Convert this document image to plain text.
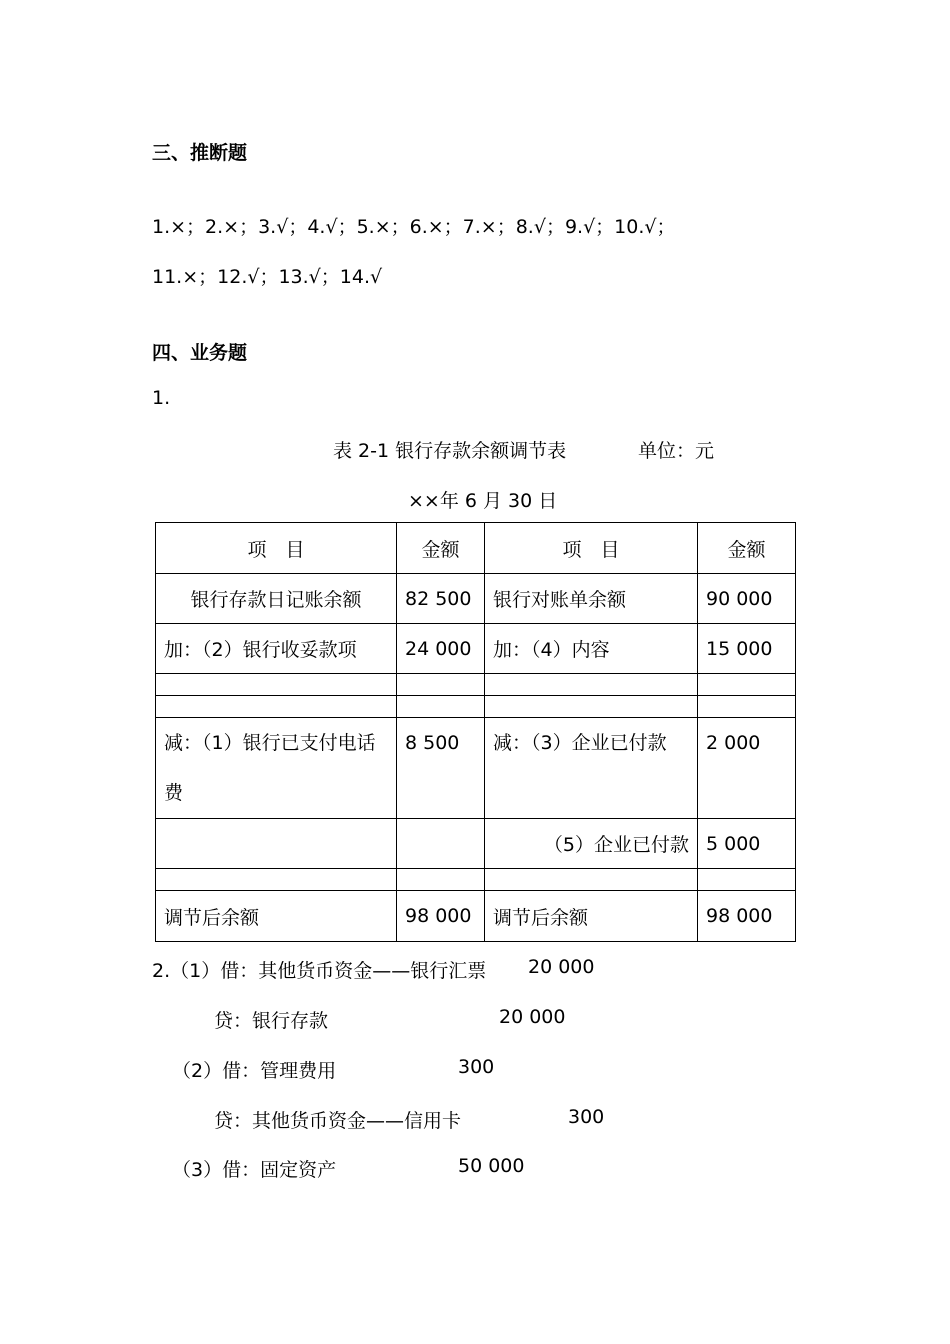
三、推断题
1.×；2.×；3.√；4.√；5.×；6.×；7.×；8.√；9.√；10.√；
11.×；12.√；13.√；14.√
四、业务题
1.
表 2-1 银行存款余额调节表	单位：元
××年 6 月 30 日
项　目	金额	项　目	金额
银行存款日记账余额	82 500	银行对账单余额	90 000
加：（2）银行收妥款项	24 000	加：（4）内容	15 000

减：（1）银行已支付电话费	8 500	减：（3）企业已付款	2 000
		（5）企业已付款	5 000

调节后余额	98 000	调节后余额	98 000
2.（1）借：其他货币资金——银行汇票 20 000
贷：银行存款	20 000
（2）借：管理费用	300
贷：其他货币资金——信用卡	300
（3）借：固定资产	50 000
